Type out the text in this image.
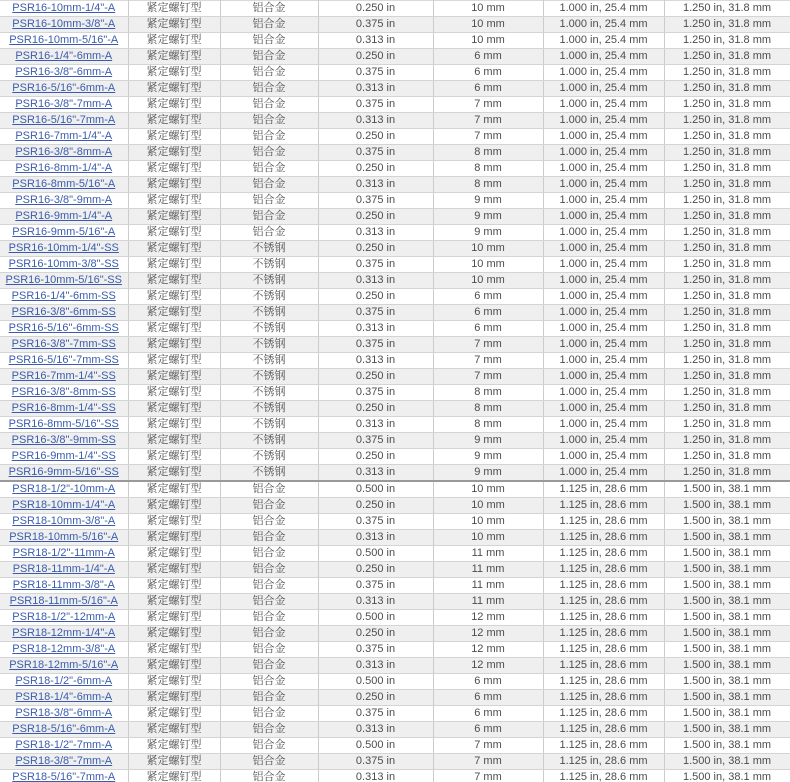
PSR16-10mm-1/4"-A	紧定螺钉型	铝合金	0.250 in	10 mm	1.000 in, 25.4 mm	1.250 in, 31.8 mm
PSR16-10mm-3/8"-A	紧定螺钉型	铝合金	0.375 in	10 mm	1.000 in, 25.4 mm	1.250 in, 31.8 mm
PSR16-10mm-5/16"-A	紧定螺钉型	铝合金	0.313 in	10 mm	1.000 in, 25.4 mm	1.250 in, 31.8 mm
PSR16-1/4"-6mm-A	紧定螺钉型	铝合金	0.250 in	6 mm	1.000 in, 25.4 mm	1.250 in, 31.8 mm
PSR16-3/8"-6mm-A	紧定螺钉型	铝合金	0.375 in	6 mm	1.000 in, 25.4 mm	1.250 in, 31.8 mm
PSR16-5/16"-6mm-A	紧定螺钉型	铝合金	0.313 in	6 mm	1.000 in, 25.4 mm	1.250 in, 31.8 mm
PSR16-3/8"-7mm-A	紧定螺钉型	铝合金	0.375 in	7 mm	1.000 in, 25.4 mm	1.250 in, 31.8 mm
PSR16-5/16"-7mm-A	紧定螺钉型	铝合金	0.313 in	7 mm	1.000 in, 25.4 mm	1.250 in, 31.8 mm
PSR16-7mm-1/4"-A	紧定螺钉型	铝合金	0.250 in	7 mm	1.000 in, 25.4 mm	1.250 in, 31.8 mm
PSR16-3/8"-8mm-A	紧定螺钉型	铝合金	0.375 in	8 mm	1.000 in, 25.4 mm	1.250 in, 31.8 mm
PSR16-8mm-1/4"-A	紧定螺钉型	铝合金	0.250 in	8 mm	1.000 in, 25.4 mm	1.250 in, 31.8 mm
PSR16-8mm-5/16"-A	紧定螺钉型	铝合金	0.313 in	8 mm	1.000 in, 25.4 mm	1.250 in, 31.8 mm
PSR16-3/8"-9mm-A	紧定螺钉型	铝合金	0.375 in	9 mm	1.000 in, 25.4 mm	1.250 in, 31.8 mm
PSR16-9mm-1/4"-A	紧定螺钉型	铝合金	0.250 in	9 mm	1.000 in, 25.4 mm	1.250 in, 31.8 mm
PSR16-9mm-5/16"-A	紧定螺钉型	铝合金	0.313 in	9 mm	1.000 in, 25.4 mm	1.250 in, 31.8 mm
PSR16-10mm-1/4"-SS	紧定螺钉型	不锈钢	0.250 in	10 mm	1.000 in, 25.4 mm	1.250 in, 31.8 mm
PSR16-10mm-3/8"-SS	紧定螺钉型	不锈钢	0.375 in	10 mm	1.000 in, 25.4 mm	1.250 in, 31.8 mm
PSR16-10mm-5/16"-SS	紧定螺钉型	不锈钢	0.313 in	10 mm	1.000 in, 25.4 mm	1.250 in, 31.8 mm
PSR16-1/4"-6mm-SS	紧定螺钉型	不锈钢	0.250 in	6 mm	1.000 in, 25.4 mm	1.250 in, 31.8 mm
PSR16-3/8"-6mm-SS	紧定螺钉型	不锈钢	0.375 in	6 mm	1.000 in, 25.4 mm	1.250 in, 31.8 mm
PSR16-5/16"-6mm-SS	紧定螺钉型	不锈钢	0.313 in	6 mm	1.000 in, 25.4 mm	1.250 in, 31.8 mm
PSR16-3/8"-7mm-SS	紧定螺钉型	不锈钢	0.375 in	7 mm	1.000 in, 25.4 mm	1.250 in, 31.8 mm
PSR16-5/16"-7mm-SS	紧定螺钉型	不锈钢	0.313 in	7 mm	1.000 in, 25.4 mm	1.250 in, 31.8 mm
PSR16-7mm-1/4"-SS	紧定螺钉型	不锈钢	0.250 in	7 mm	1.000 in, 25.4 mm	1.250 in, 31.8 mm
PSR16-3/8"-8mm-SS	紧定螺钉型	不锈钢	0.375 in	8 mm	1.000 in, 25.4 mm	1.250 in, 31.8 mm
PSR16-8mm-1/4"-SS	紧定螺钉型	不锈钢	0.250 in	8 mm	1.000 in, 25.4 mm	1.250 in, 31.8 mm
PSR16-8mm-5/16"-SS	紧定螺钉型	不锈钢	0.313 in	8 mm	1.000 in, 25.4 mm	1.250 in, 31.8 mm
PSR16-3/8"-9mm-SS	紧定螺钉型	不锈钢	0.375 in	9 mm	1.000 in, 25.4 mm	1.250 in, 31.8 mm
PSR16-9mm-1/4"-SS	紧定螺钉型	不锈钢	0.250 in	9 mm	1.000 in, 25.4 mm	1.250 in, 31.8 mm
PSR16-9mm-5/16"-SS	紧定螺钉型	不锈钢	0.313 in	9 mm	1.000 in, 25.4 mm	1.250 in, 31.8 mm
PSR18-1/2"-10mm-A	紧定螺钉型	铝合金	0.500 in	10 mm	1.125 in, 28.6 mm	1.500 in, 38.1 mm
PSR18-10mm-1/4"-A	紧定螺钉型	铝合金	0.250 in	10 mm	1.125 in, 28.6 mm	1.500 in, 38.1 mm
PSR18-10mm-3/8"-A	紧定螺钉型	铝合金	0.375 in	10 mm	1.125 in, 28.6 mm	1.500 in, 38.1 mm
PSR18-10mm-5/16"-A	紧定螺钉型	铝合金	0.313 in	10 mm	1.125 in, 28.6 mm	1.500 in, 38.1 mm
PSR18-1/2"-11mm-A	紧定螺钉型	铝合金	0.500 in	11 mm	1.125 in, 28.6 mm	1.500 in, 38.1 mm
PSR18-11mm-1/4"-A	紧定螺钉型	铝合金	0.250 in	11 mm	1.125 in, 28.6 mm	1.500 in, 38.1 mm
PSR18-11mm-3/8"-A	紧定螺钉型	铝合金	0.375 in	11 mm	1.125 in, 28.6 mm	1.500 in, 38.1 mm
PSR18-11mm-5/16"-A	紧定螺钉型	铝合金	0.313 in	11 mm	1.125 in, 28.6 mm	1.500 in, 38.1 mm
PSR18-1/2"-12mm-A	紧定螺钉型	铝合金	0.500 in	12 mm	1.125 in, 28.6 mm	1.500 in, 38.1 mm
PSR18-12mm-1/4"-A	紧定螺钉型	铝合金	0.250 in	12 mm	1.125 in, 28.6 mm	1.500 in, 38.1 mm
PSR18-12mm-3/8"-A	紧定螺钉型	铝合金	0.375 in	12 mm	1.125 in, 28.6 mm	1.500 in, 38.1 mm
PSR18-12mm-5/16"-A	紧定螺钉型	铝合金	0.313 in	12 mm	1.125 in, 28.6 mm	1.500 in, 38.1 mm
PSR18-1/2"-6mm-A	紧定螺钉型	铝合金	0.500 in	6 mm	1.125 in, 28.6 mm	1.500 in, 38.1 mm
PSR18-1/4"-6mm-A	紧定螺钉型	铝合金	0.250 in	6 mm	1.125 in, 28.6 mm	1.500 in, 38.1 mm
PSR18-3/8"-6mm-A	紧定螺钉型	铝合金	0.375 in	6 mm	1.125 in, 28.6 mm	1.500 in, 38.1 mm
PSR18-5/16"-6mm-A	紧定螺钉型	铝合金	0.313 in	6 mm	1.125 in, 28.6 mm	1.500 in, 38.1 mm
PSR18-1/2"-7mm-A	紧定螺钉型	铝合金	0.500 in	7 mm	1.125 in, 28.6 mm	1.500 in, 38.1 mm
PSR18-3/8"-7mm-A	紧定螺钉型	铝合金	0.375 in	7 mm	1.125 in, 28.6 mm	1.500 in, 38.1 mm
PSR18-5/16"-7mm-A	紧定螺钉型	铝合金	0.313 in	7 mm	1.125 in, 28.6 mm	1.500 in, 38.1 mm
